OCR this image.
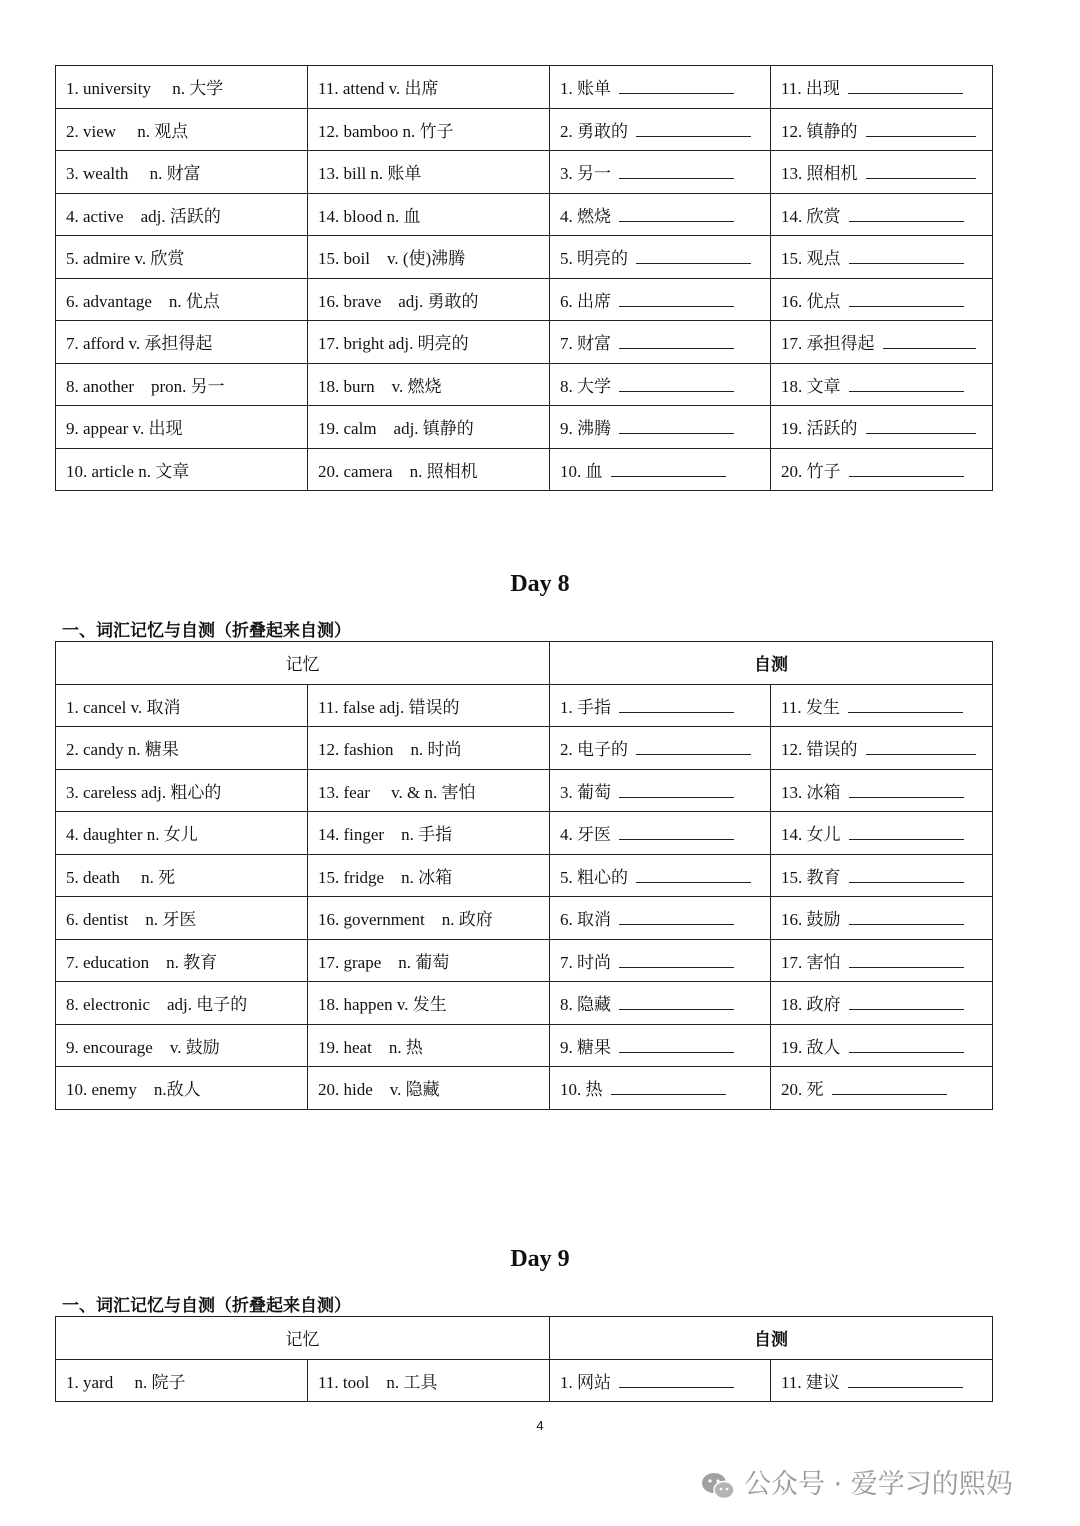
1. university　 n. 大学	11. attend v. 出席	1. 账单	11. 出现
2. view　 n. 观点	12. bamboo n. 竹子	2. 勇敢的	12. 镇静的
3. wealth　 n. 财富	13. bill n. 账单	3. 另一	13. 照相机
4. active　adj. 活跃的	14. blood n. 血	4. 燃烧	14. 欣赏
5. admire v. 欣赏	15. boil　v. (使)沸腾	5. 明亮的	15. 观点
6. advantage　n. 优点	16. brave　adj. 勇敢的	6. 出席	16. 优点
7. afford v. 承担得起	17. bright adj. 明亮的	7. 财富	17. 承担得起
8. another　pron. 另一	18. burn　v. 燃烧	8. 大学	18. 文章
9. appear v. 出现	19. calm　adj. 镇静的	9. 沸腾	19. 活跃的
10. article n. 文章	20. camera　n. 照相机	10. 血	20. 竹子
Day 8
一、词汇记忆与自测（折叠起来自测）
记忆		自测	
1. cancel v. 取消	11. false adj. 错误的	1. 手指	11. 发生
2. candy n. 糖果	12. fashion　n. 时尚	2. 电子的	12. 错误的
3. careless adj. 粗心的	13. fear　 v. & n. 害怕	3. 葡萄	13. 冰箱
4. daughter n. 女儿	14. finger　n. 手指	4. 牙医	14. 女儿
5. death　 n. 死	15. fridge　n. 冰箱	5. 粗心的	15. 教育
6. dentist　n. 牙医	16. government　n. 政府	6. 取消	16. 鼓励
7. education　n. 教育	17. grape　n. 葡萄	7. 时尚	17. 害怕
8. electronic　adj. 电子的	18. happen v. 发生	8. 隐藏	18. 政府
9. encourage　v. 鼓励	19. heat　n. 热	9. 糖果	19. 敌人
10. enemy　n.敌人	20. hide　v. 隐藏	10. 热	20. 死
Day 9
一、词汇记忆与自测（折叠起来自测）
记忆		自测	
1. yard　 n. 院子	11. tool　n. 工具	1. 网站	11. 建议
4
公众号 · 爱学习的熙妈
